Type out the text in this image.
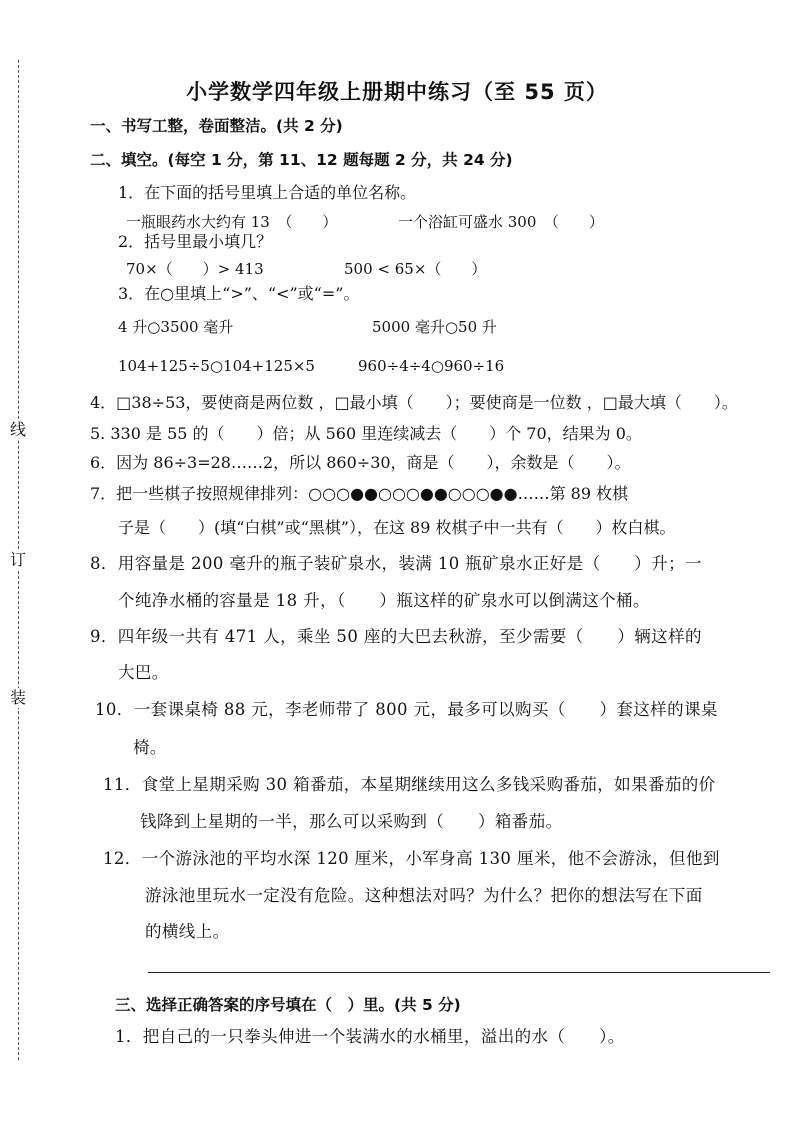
线
订
装
小学数学四年级上册期中练习（至 55 页）
一、书写工整，卷面整洁。(共 2 分)
二、填空。(每空 1 分，第 11、12 题每题 2 分，共 24 分)
1．在下面的括号里填上合适的单位名称。
一瓶眼药水大约有 13　（　　）	一个浴缸可盛水 300　（　　）
2．括号里最小填几？
70×（　　）> 413	500 < 65×（　　）
3．在○里填上“>”、“<”或“=”。
4 升○3500 毫升	5000 毫升○50 升
104+125÷5○104+125×5	960÷4÷4○960÷16
4．□38÷53，要使商是两位数 ，□最小填（　　）；要使商是一位数 ，□最大填（　　）。
5. 330 是 55 的（　　）倍；从 560 里连续减去（　　）个 70，结果为 0。
6．因为 86÷3=28……2，所以 860÷30，商是（　　），余数是（　　）。
7．把一些棋子按照规律排列：○○○●●○○○●●○○○●●……第 89 枚棋
子是（　　）(填“白棋”或“黑棋”），在这 89 枚棋子中一共有（　　）枚白棋。
8．用容量是 200 毫升的瓶子装矿泉水，装满 10 瓶矿泉水正好是（　　）升；一
个纯净水桶的容量是 18 升，（　　）瓶这样的矿泉水可以倒满这个桶。
9．四年级一共有 471 人，乘坐 50 座的大巴去秋游，至少需要（　　）辆这样的
大巴。
10．一套课桌椅 88 元，李老师带了 800 元，最多可以购买（　　）套这样的课桌
椅。
11．食堂上星期采购 30 箱番茄，本星期继续用这么多钱采购番茄，如果番茄的价
钱降到上星期的一半，那么可以采购到（　　）箱番茄。
12．一个游泳池的平均水深 120 厘米，小军身高 130 厘米，他不会游泳，但他到
游泳池里玩水一定没有危险。这种想法对吗？为什么？把你的想法写在下面
的横线上。
三、选择正确答案的序号填在（　）里。(共 5 分)
1．把自己的一只拳头伸进一个装满水的水桶里，溢出的水（　　）。
